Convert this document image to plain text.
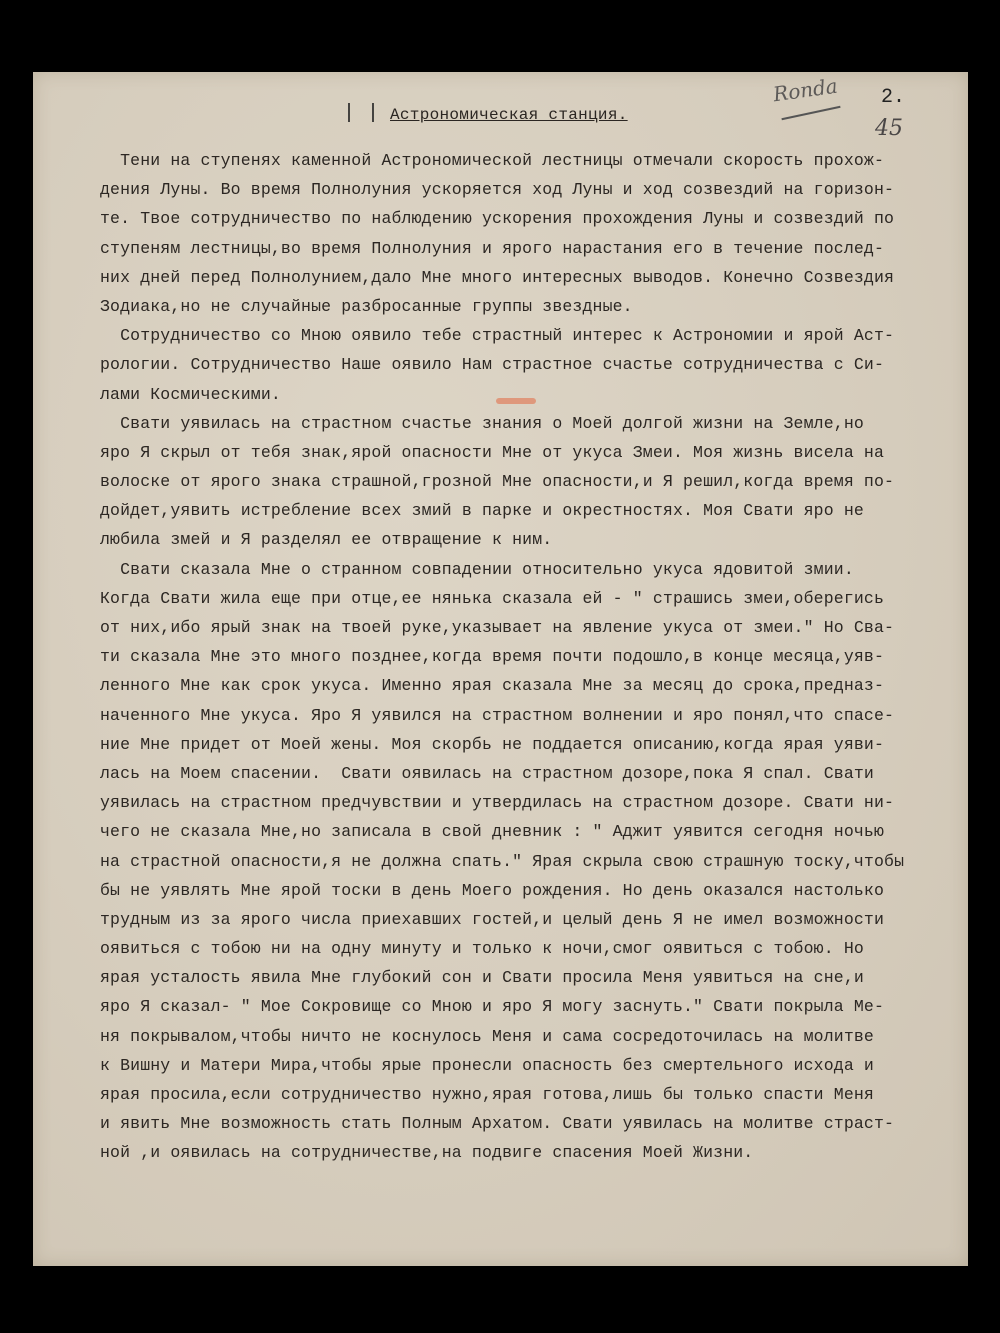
| | Астрономическая станция.
Ronda 2.
45
Тени на ступенях каменной Астрономической лестницы отмечали скорость прохож-
дения Луны. Во время Полнолуния ускоряется ход Луны и ход созвездий на горизон-
те. Твое сотрудничество по наблюдению ускорения прохождения Луны и созвездий по
ступеням лестницы,во время Полнолуния и ярого нарастания его в течение послед-
них дней перед Полнолунием,дало Мне много интересных выводов. Конечно Созвездия
Зодиака,но не случайные разбросанные группы звездные.
Сотрудничество со Мною оявило тебе страстный интерес к Астрономии и ярой Аст-
рологии. Сотрудничество Наше оявило Нам страстное счастье сотрудничества с Си-
лами Космическими.
Свати уявилась на страстном счастье знания о Моей долгой жизни на Земле,но
яро Я скрыл от тебя знак,ярой опасности Мне от укуса Змеи. Моя жизнь висела на
волоске от ярого знака страшной,грозной Мне опасности,и Я решил,когда время по-
дойдет,уявить истребление всех змий в парке и окрестностях. Моя Свати яро не
любила змей и Я разделял ее отвращение к ним.
Свати сказала Мне о странном совпадении относительно укуса ядовитой змии.
Когда Свати жила еще при отце,ее нянька сказала ей - " страшись змеи,оберегись
от них,ибо ярый знак на твоей руке,указывает на явление укуса от змеи." Но Сва-
ти сказала Мне это много позднее,когда время почти подошло,в конце месяца,уяв-
ленного Мне как срок укуса. Именно ярая сказала Мне за месяц до срока,предназ-
наченного Мне укуса. Яро Я уявился на страстном волнении и яро понял,что спасе-
ние Мне придет от Моей жены. Моя скорбь не поддается описанию,когда ярая уяви-
лась на Моем спасении.  Свати оявилась на страстном дозоре,пока Я спал. Свати
уявилась на страстном предчувствии и утвердилась на страстном дозоре. Свати ни-
чего не сказала Мне,но записала в свой дневник : " Аджит уявится сегодня ночью
на страстной опасности,я не должна спать." Ярая скрыла свою страшную тоску,чтобы
бы не уявлять Мне ярой тоски в день Моего рождения. Но день оказался настолько
трудным из за ярого числа приехавших гостей,и целый день Я не имел возможности
оявиться с тобою ни на одну минуту и только к ночи,смог оявиться с тобою. Но
ярая усталость явила Мне глубокий сон и Свати просила Меня уявиться на сне,и
яро Я сказал- " Мое Сокровище со Мною и яро Я могу заснуть." Свати покрыла Ме-
ня покрывалом,чтобы ничто не коснулось Меня и сама сосредоточилась на молитве
к Вишну и Матери Мира,чтобы ярые пронесли опасность без смертельного исхода и
ярая просила,если сотрудничество нужно,ярая готова,лишь бы только спасти Меня
и явить Мне возможность стать Полным Архатом. Свати уявилась на молитве страст-
ной ,и оявилась на сотрудничестве,на подвиге спасения Моей Жизни.
